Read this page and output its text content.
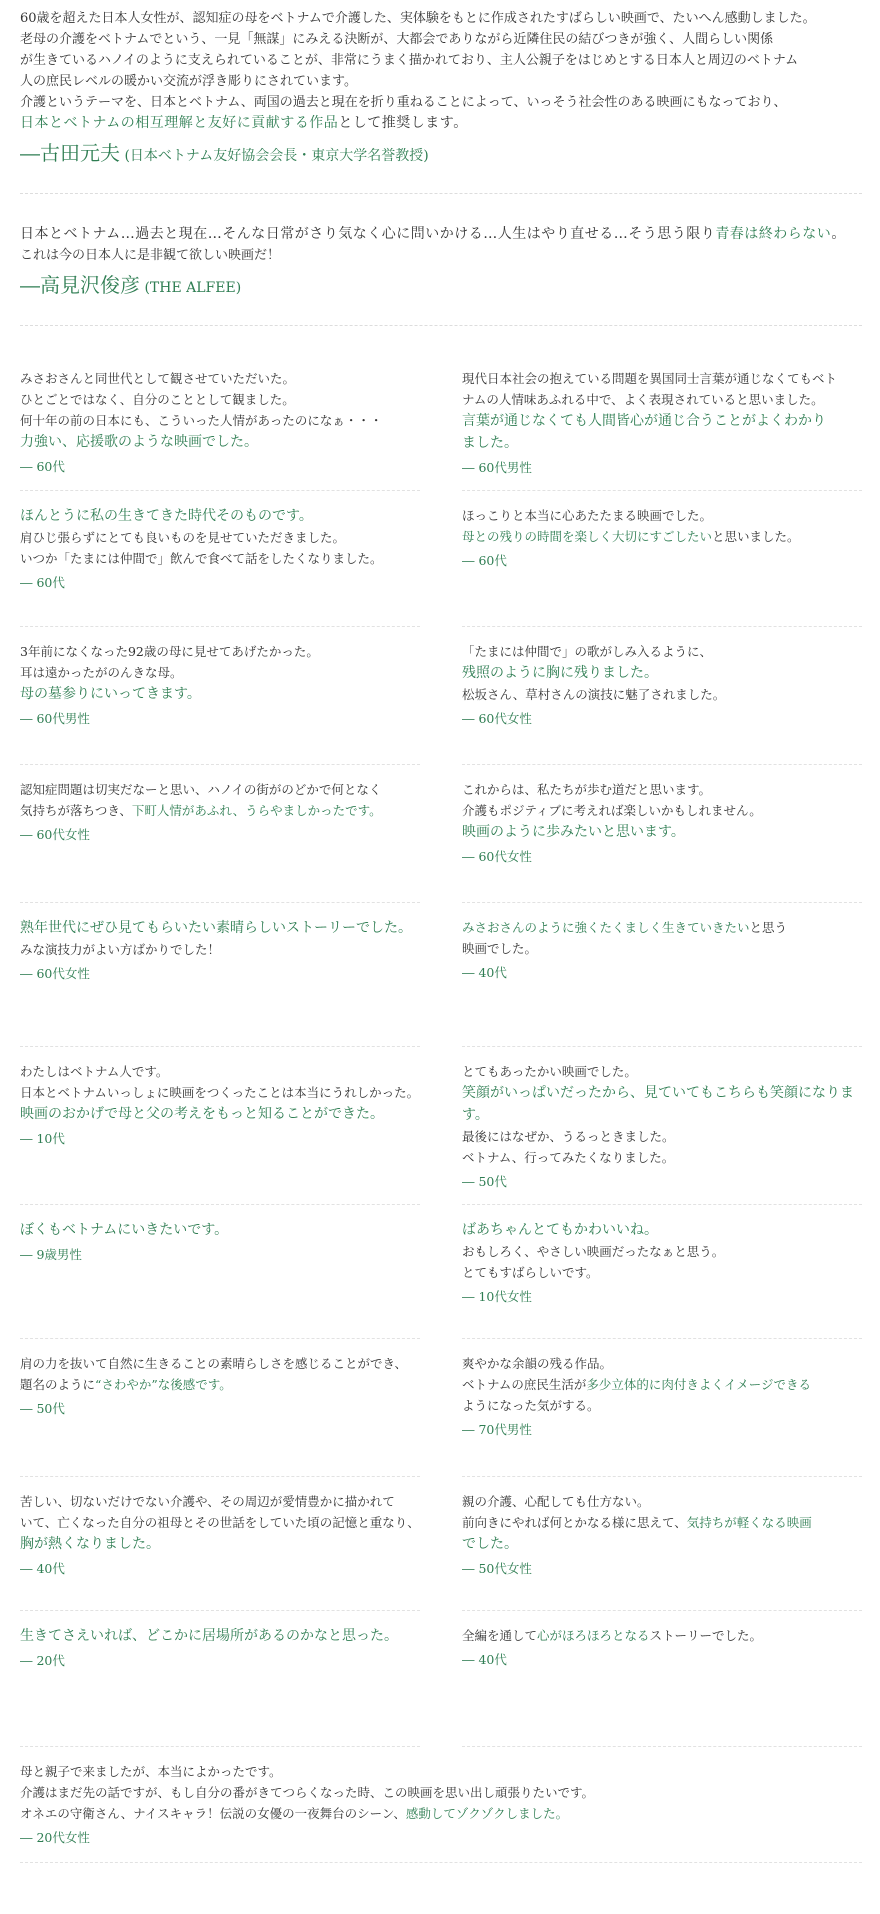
60歳を超えた日本人女性が、認知症の母をベトナムで介護した、実体験をもとに作成されたすばらしい映画で、たいへん感動しました。

老母の介護をベトナムでという、一見「無謀」にみえる決断が、大都会でありながら近隣住民の結びつきが強く、人間らしい関係

が生きているハノイのように支えられていることが、非常にうまく描かれており、主人公親子をはじめとする日本人と周辺のベトナム

人の庶民レベルの暖かい交流が浮き彫りにされています。

介護というテーマを、日本とベトナム、両国の過去と現在を折り重ねることによって、いっそう社会性のある映画にもなっており、

日本とベトナムの相互理解と友好に貢献する作品として推奨します。

―古田元夫 (日本ベトナム友好協会会長・東京大学名誉教授)

日本とベトナム…過去と現在…そんな日常がさり気なく心に問いかける…人生はやり直せる…そう思う限り青春は終わらない。

これは今の日本人に是非観て欲しい映画だ！

―高見沢俊彦 (THE ALFEE)

みさおさんと同世代として観させていただいた。

ひとごとではなく、自分のこととして観ました。

何十年の前の日本にも、こういった人情があったのになぁ・・・

力強い、応援歌のような映画でした。

― 60代

現代日本社会の抱えている問題を異国同士言葉が通じなくてもベト

ナムの人情味あふれる中で、よく表現されていると思いました。

言葉が通じなくても人間皆心が通じ合うことがよくわかり

ました。

― 60代男性

ほんとうに私の生きてきた時代そのものです。

肩ひじ張らずにとても良いものを見せていただきました。

いつか「たまには仲間で」飲んで食べて話をしたくなりました。

― 60代

ほっこりと本当に心あたたまる映画でした。

母との残りの時間を楽しく大切にすごしたいと思いました。

― 60代

3年前になくなった92歳の母に見せてあげたかった。

耳は遠かったがのんきな母。

母の墓参りにいってきます。

― 60代男性

「たまには仲間で」の歌がしみ入るように、

残照のように胸に残りました。

松坂さん、草村さんの演技に魅了されました。

― 60代女性

認知症問題は切実だなーと思い、ハノイの街がのどかで何となく

気持ちが落ちつき、下町人情があふれ、うらやましかったです。

― 60代女性

これからは、私たちが歩む道だと思います。

介護もポジティブに考えれば楽しいかもしれません。

映画のように歩みたいと思います。

― 60代女性

熟年世代にぜひ見てもらいたい素晴らしいストーリーでした。

みな演技力がよい方ばかりでした！

― 60代女性

みさおさんのように強くたくましく生きていきたいと思う

映画でした。

― 40代

わたしはベトナム人です。

日本とベトナムいっしょに映画をつくったことは本当にうれしかった。

映画のおかげで母と父の考えをもっと知ることができた。

― 10代

とてもあったかい映画でした。

笑顔がいっぱいだったから、見ていてもこちらも笑顔になります。

最後にはなぜか、うるっときました。

ベトナム、行ってみたくなりました。

― 50代

ぼくもベトナムにいきたいです。

― 9歳男性

ばあちゃんとてもかわいいね。

おもしろく、やさしい映画だったなぁと思う。

とてもすばらしいです。

― 10代女性

肩の力を抜いて自然に生きることの素晴らしさを感じることができ、

題名のように“さわやか”な後感です。

― 50代

爽やかな余韻の残る作品。

ベトナムの庶民生活が多少立体的に肉付きよくイメージできる

ようになった気がする。

― 70代男性

苦しい、切ないだけでない介護や、その周辺が愛情豊かに描かれて

いて、亡くなった自分の祖母とその世話をしていた頃の記憶と重なり、

胸が熱くなりました。

― 40代

親の介護、心配しても仕方ない。

前向きにやれば何とかなる様に思えて、気持ちが軽くなる映画

でした。

― 50代女性

生きてさえいれば、どこかに居場所があるのかなと思った。

― 20代

全編を通して心がほろほろとなるストーリーでした。

― 40代

母と親子で来ましたが、本当によかったです。

介護はまだ先の話ですが、もし自分の番がきてつらくなった時、この映画を思い出し頑張りたいです。

オネエの守衛さん、ナイスキャラ！伝説の女優の一夜舞台のシーン、感動してゾクゾクしました。

― 20代女性
